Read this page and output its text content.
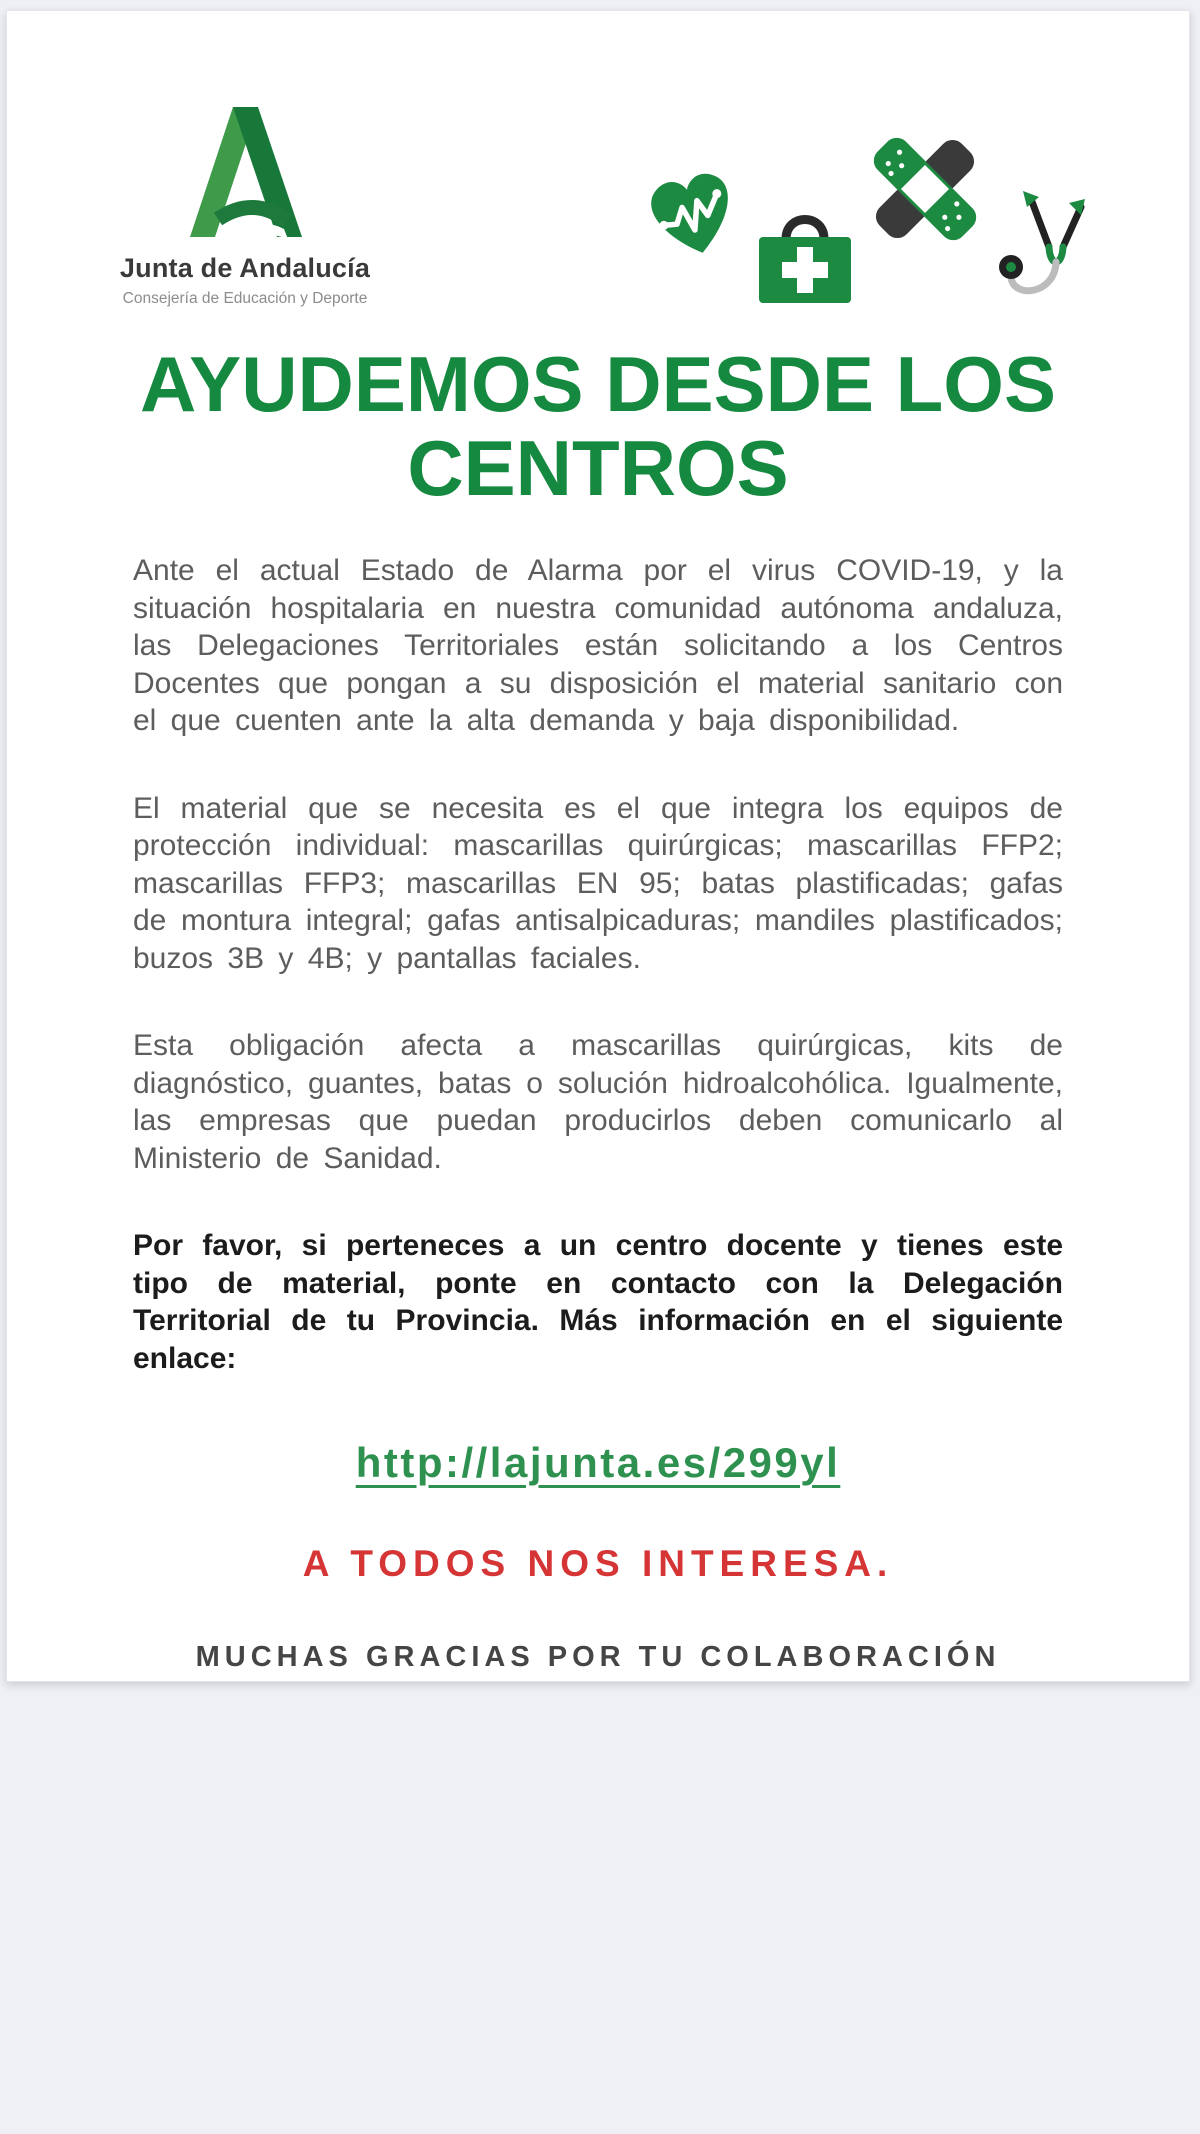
Junta de Andalucía
Consejería de Educación y Deporte
AYUDEMOS DESDE LOS
CENTROS

Ante el actual Estado de Alarma por el virus COVID-19, y la situación hospitalaria en nuestra comunidad autónoma andaluza, las Delegaciones Territoriales están solicitando a los Centros Docentes que pongan a su disposición el material sanitario con el que cuenten ante la alta demanda y baja disponibilidad.

El material que se necesita es el que integra los equipos de protección individual: mascarillas quirúrgicas; mascarillas FFP2; mascarillas FFP3; mascarillas EN 95; batas plastificadas; gafas de montura integral; gafas antisalpicaduras; mandiles plastificados; buzos 3B y 4B; y pantallas faciales.

Esta obligación afecta a mascarillas quirúrgicas, kits de diagnóstico, guantes, batas o solución hidroalcohólica. Igualmente, las empresas que puedan producirlos deben comunicarlo al Ministerio de Sanidad.

Por favor, si perteneces a un centro docente y tienes este tipo de material, ponte en contacto con la Delegación Territorial de tu Provincia. Más información en el siguiente enlace:

http://lajunta.es/299yl
A TODOS NOS INTERESA.
MUCHAS GRACIAS POR TU COLABORACIÓN
